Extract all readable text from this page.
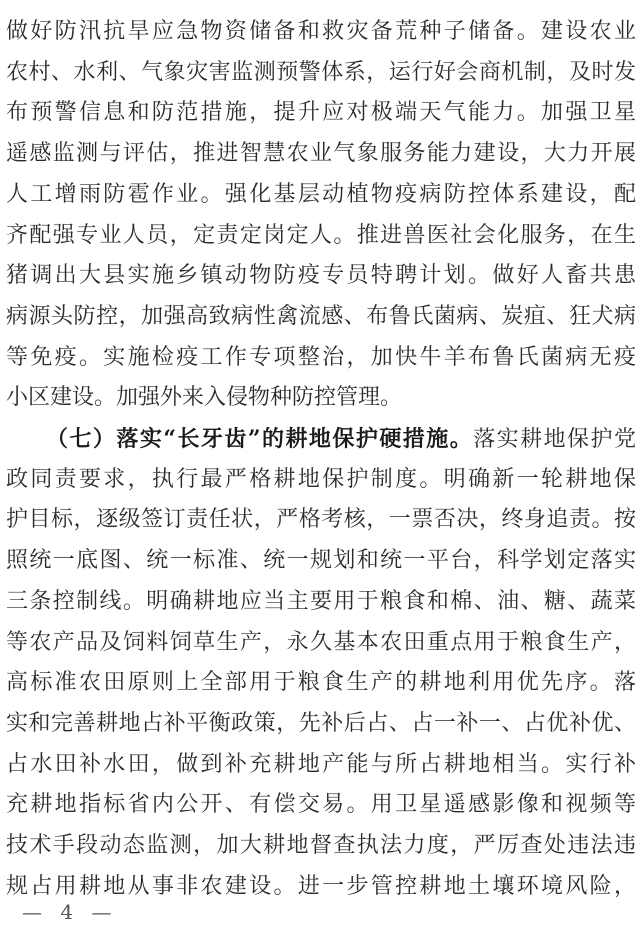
做好防汛抗旱应急物资储备和救灾备荒种子储备。建设农业
农村、水利、气象灾害监测预警体系，运行好会商机制，及时发
布预警信息和防范措施，提升应对极端天气能力。加强卫星
遥感监测与评估，推进智慧农业气象服务能力建设，大力开展
人工增雨防雹作业。强化基层动植物疫病防控体系建设，配
齐配强专业人员，定责定岗定人。推进兽医社会化服务，在生
猪调出大县实施乡镇动物防疫专员特聘计划。做好人畜共患
病源头防控，加强高致病性禽流感、布鲁氏菌病、炭疽、狂犬病
等免疫。实施检疫工作专项整治，加快牛羊布鲁氏菌病无疫
小区建设。加强外来入侵物种防控管理。
（七）落实“长牙齿”的耕地保护硬措施。落实耕地保护党
政同责要求，执行最严格耕地保护制度。明确新一轮耕地保
护目标，逐级签订责任状，严格考核，一票否决，终身追责。按
照统一底图、统一标准、统一规划和统一平台，科学划定落实
三条控制线。明确耕地应当主要用于粮食和棉、油、糖、蔬菜
等农产品及饲料饲草生产，永久基本农田重点用于粮食生产，
高标准农田原则上全部用于粮食生产的耕地利用优先序。落
实和完善耕地占补平衡政策，先补后占、占一补一、占优补优、
占水田补水田，做到补充耕地产能与所占耕地相当。实行补
充耕地指标省内公开、有偿交易。用卫星遥感影像和视频等
技术手段动态监测，加大耕地督查执法力度，严厉查处违法违
规占用耕地从事非农建设。进一步管控耕地土壤环境风险，
— 4 —
